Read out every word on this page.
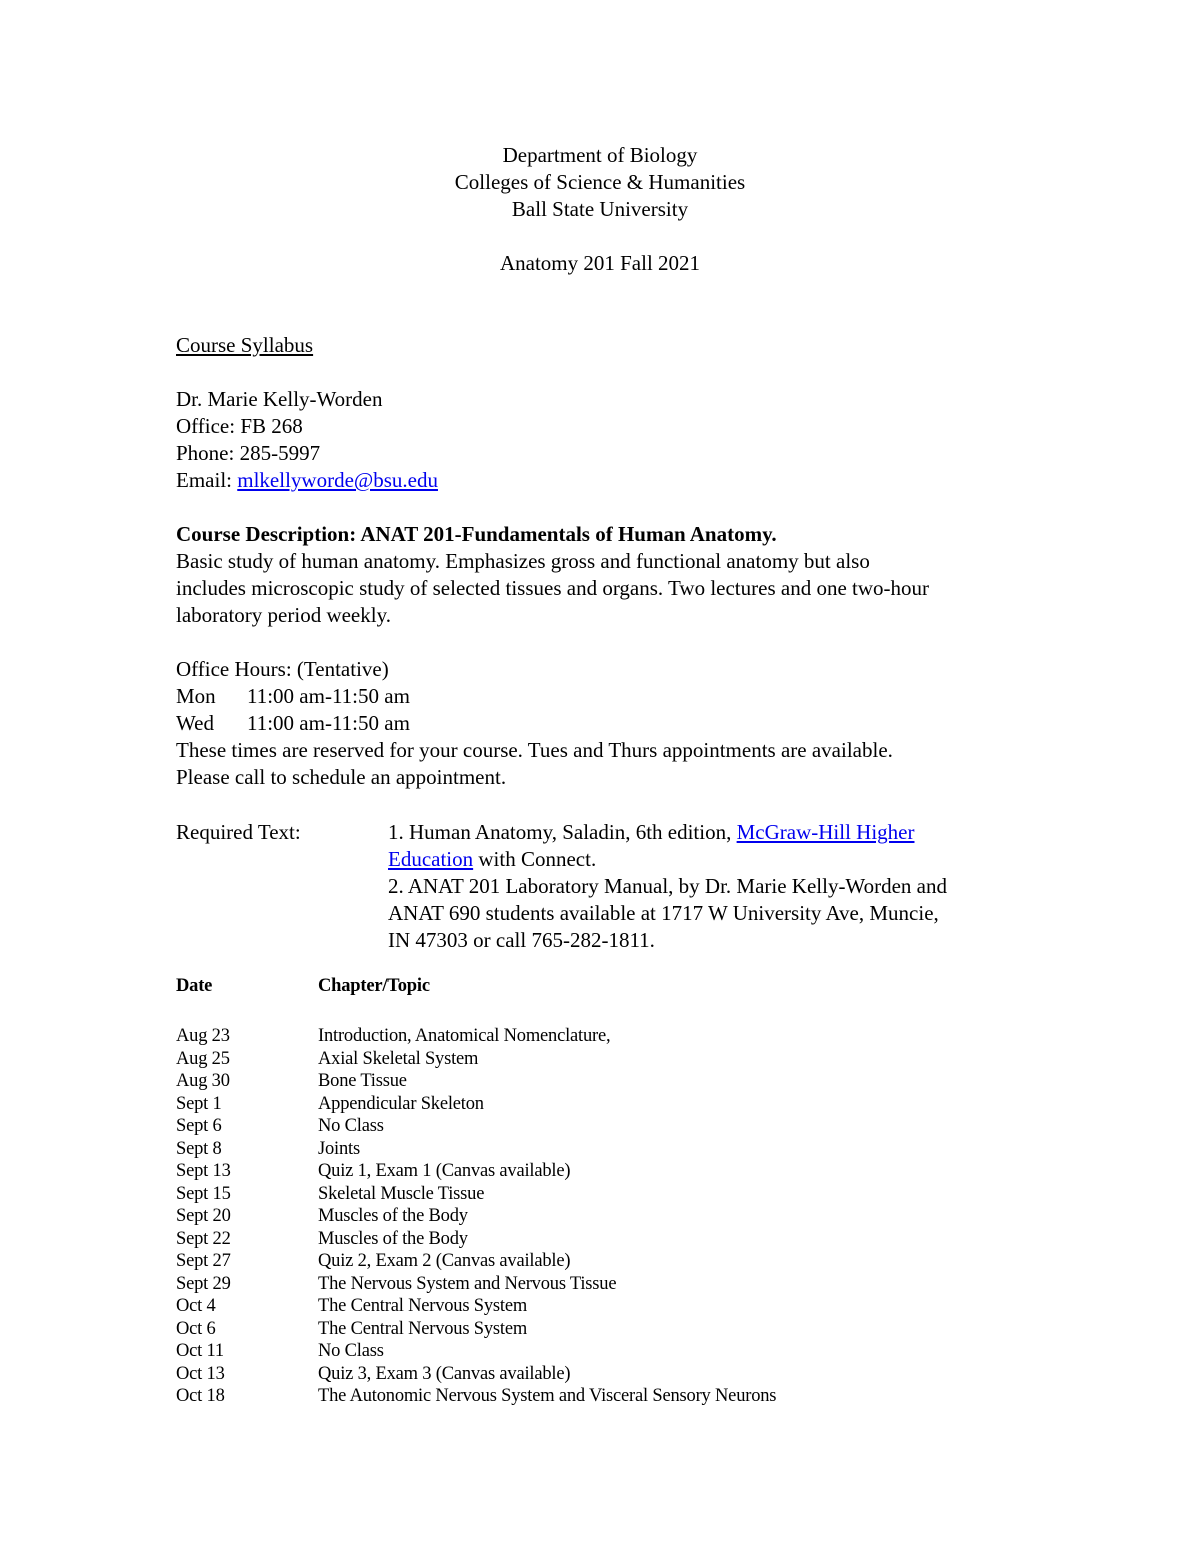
Department of Biology
Colleges of Science & Humanities
Ball State University
Anatomy 201 Fall 2021
Course Syllabus
Dr. Marie Kelly-Worden
Office: FB 268
Phone: 285-5997
Email: mlkellyworde@bsu.edu
Course Description: ANAT 201-Fundamentals of Human Anatomy.
Basic study of human anatomy. Emphasizes gross and functional anatomy but also
includes microscopic study of selected tissues and organs. Two lectures and one two-hour
laboratory period weekly.
Office Hours: (Tentative)
Mon 11:00 am-11:50 am
Wed 11:00 am-11:50 am
These times are reserved for your course. Tues and Thurs appointments are available.
Please call to schedule an appointment.
Required Text:	1. Human Anatomy, Saladin, 6th edition, McGraw-Hill Higher
Education with Connect.
2. ANAT 201 Laboratory Manual, by Dr. Marie Kelly-Worden and
ANAT 690 students available at 1717 W University Ave, Muncie,
IN 47303 or call 765-282-1811.
Date	Chapter/Topic
Aug 23	Introduction, Anatomical Nomenclature,
Aug 25	Axial Skeletal System
Aug 30	Bone Tissue
Sept 1	Appendicular Skeleton
Sept 6	No Class
Sept 8	Joints
Sept 13	Quiz 1, Exam 1 (Canvas available)
Sept 15	Skeletal Muscle Tissue
Sept 20	Muscles of the Body
Sept 22	Muscles of the Body
Sept 27	Quiz 2, Exam 2 (Canvas available)
Sept 29	The Nervous System and Nervous Tissue
Oct 4	The Central Nervous System
Oct 6	The Central Nervous System
Oct 11	No Class
Oct 13	Quiz 3, Exam 3 (Canvas available)
Oct 18	The Autonomic Nervous System and Visceral Sensory Neurons
